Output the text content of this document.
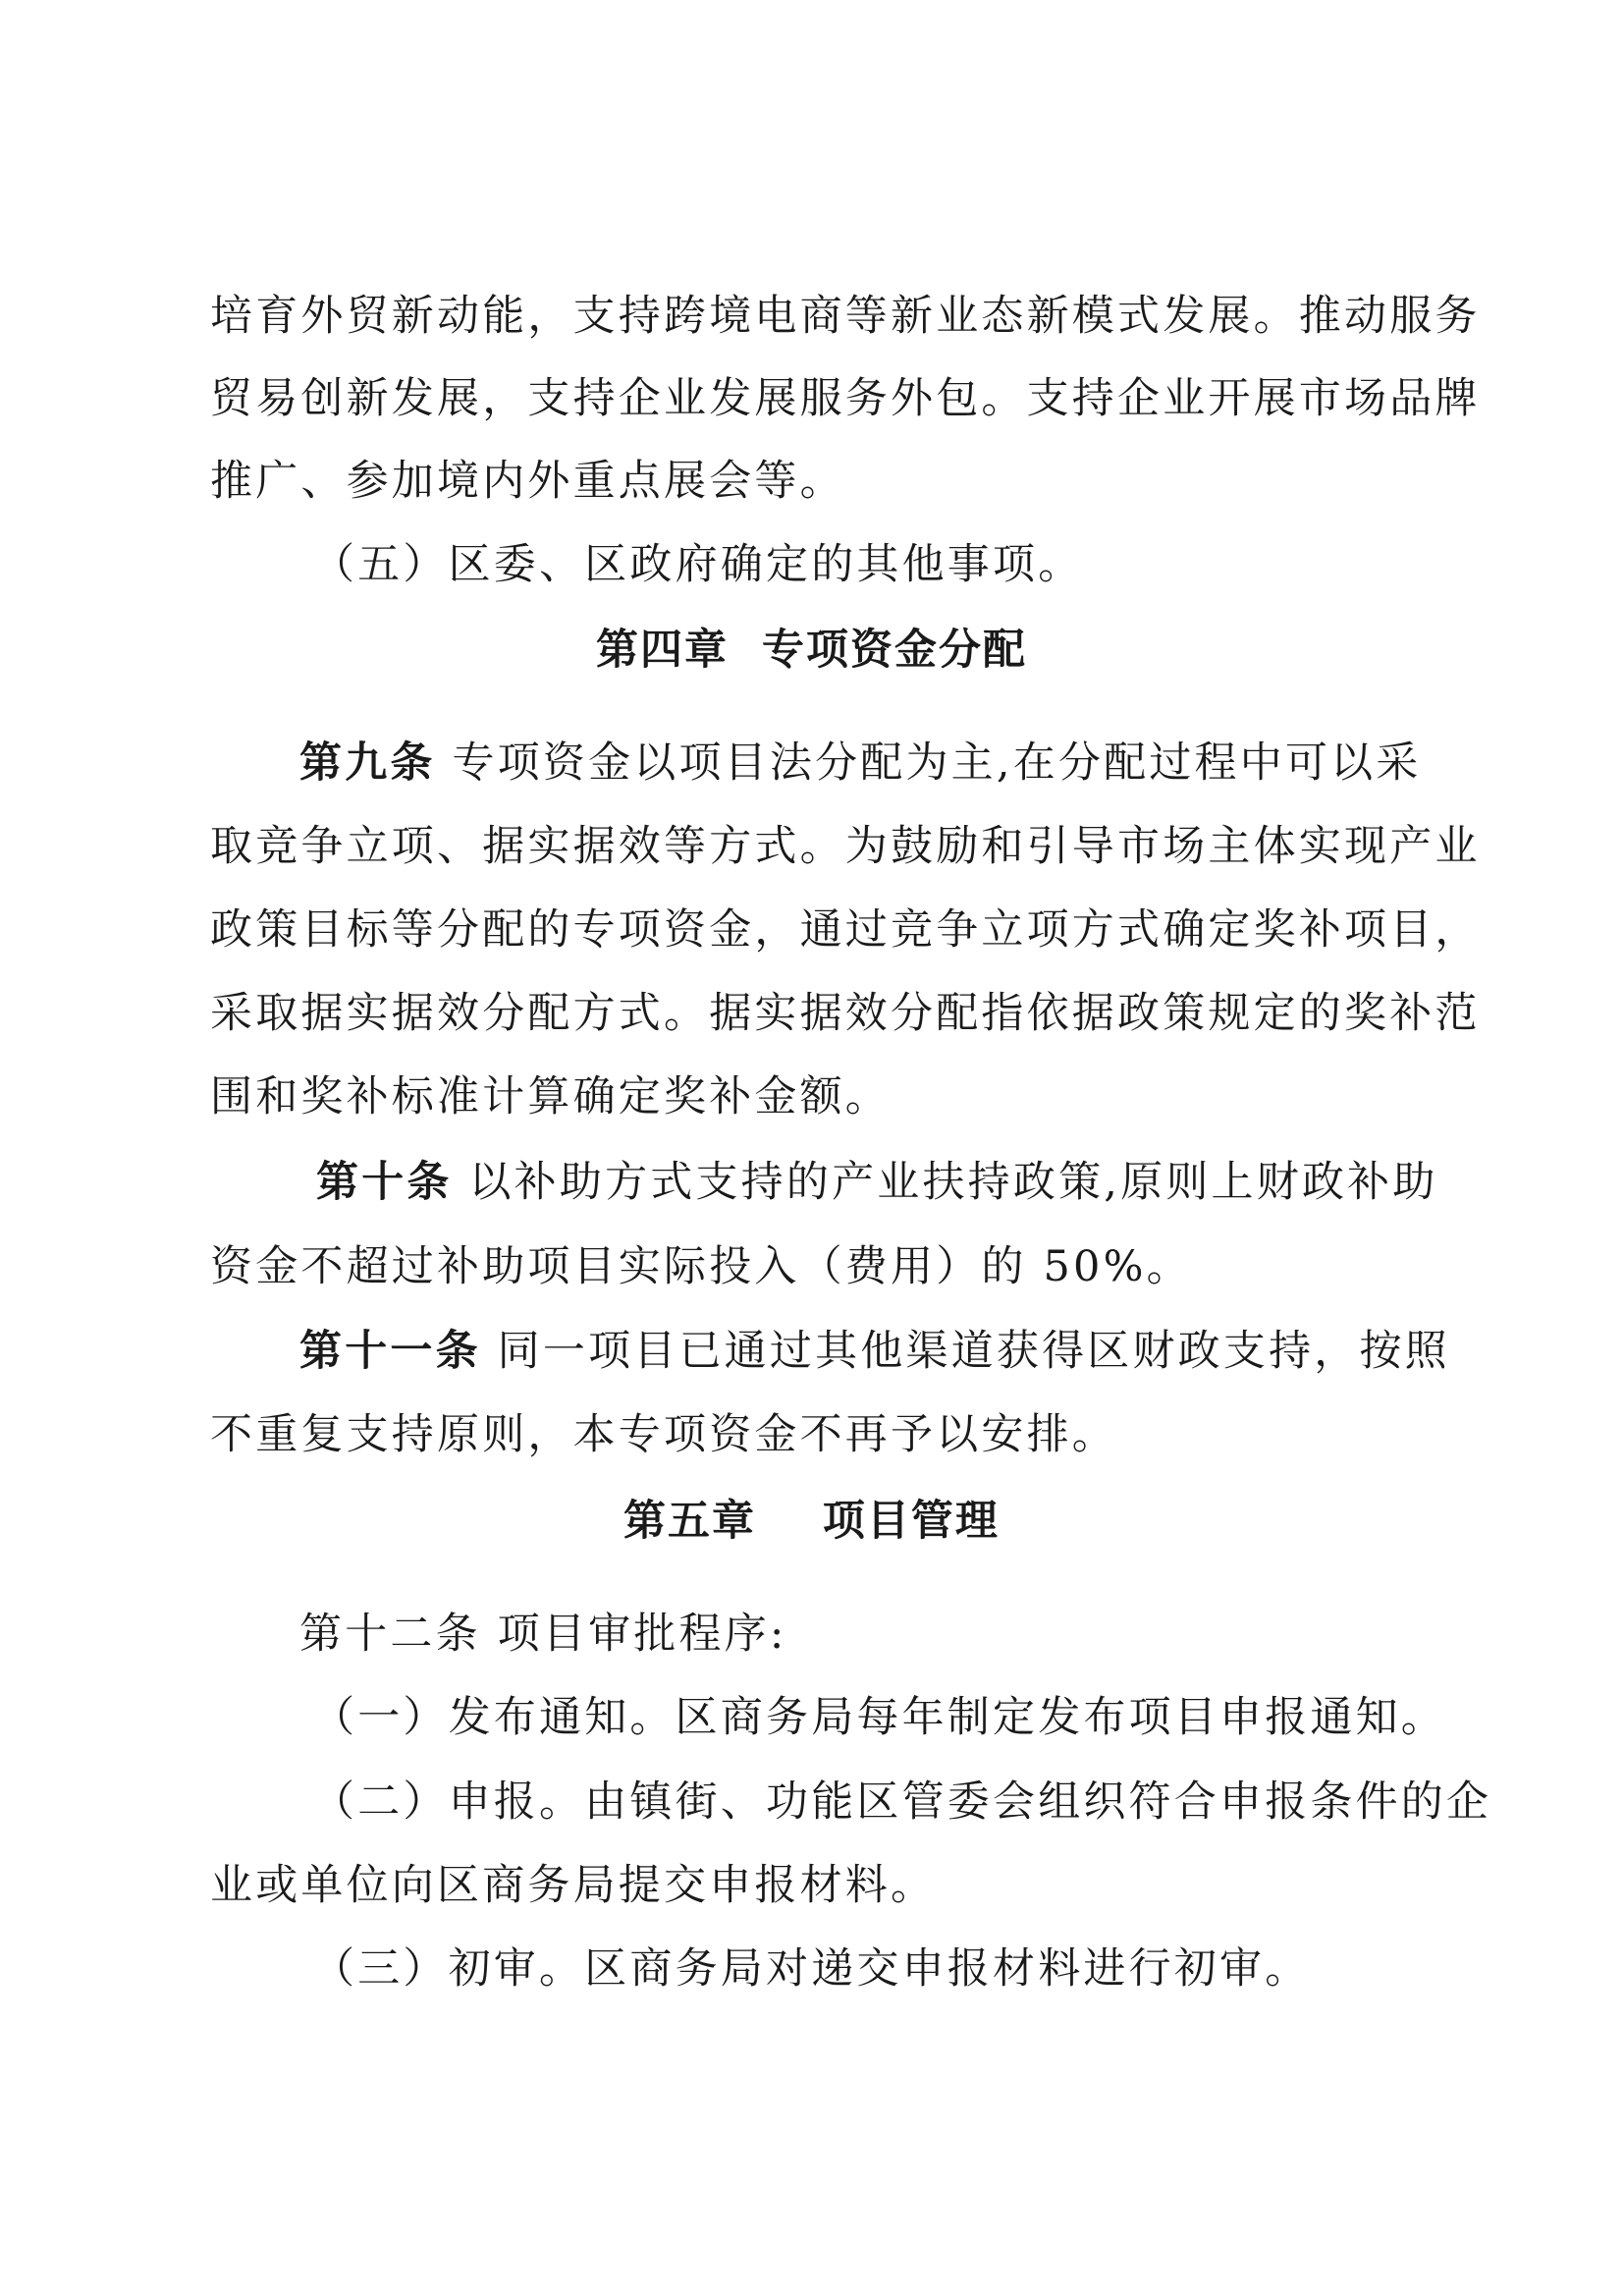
培育外贸新动能，支持跨境电商等新业态新模式发展。推动服务
贸易创新发展，支持企业发展服务外包。支持企业开展市场品牌
推广、参加境内外重点展会等。
（五）区委、区政府确定的其他事项。
第四章  专项资金分配
第九条 专项资金以项目法分配为主,在分配过程中可以采
取竞争立项、据实据效等方式。为鼓励和引导市场主体实现产业
政策目标等分配的专项资金，通过竞争立项方式确定奖补项目，
采取据实据效分配方式。据实据效分配指依据政策规定的奖补范
围和奖补标准计算确定奖补金额。
第十条 以补助方式支持的产业扶持政策,原则上财政补助
资金不超过补助项目实际投入（费用）的 50%。
第十一条 同一项目已通过其他渠道获得区财政支持，按照
不重复支持原则，本专项资金不再予以安排。
第五章    项目管理
第十二条 项目审批程序:
（一）发布通知。区商务局每年制定发布项目申报通知。
（二）申报。由镇街、功能区管委会组织符合申报条件的企
业或单位向区商务局提交申报材料。
（三）初审。区商务局对递交申报材料进行初审。
